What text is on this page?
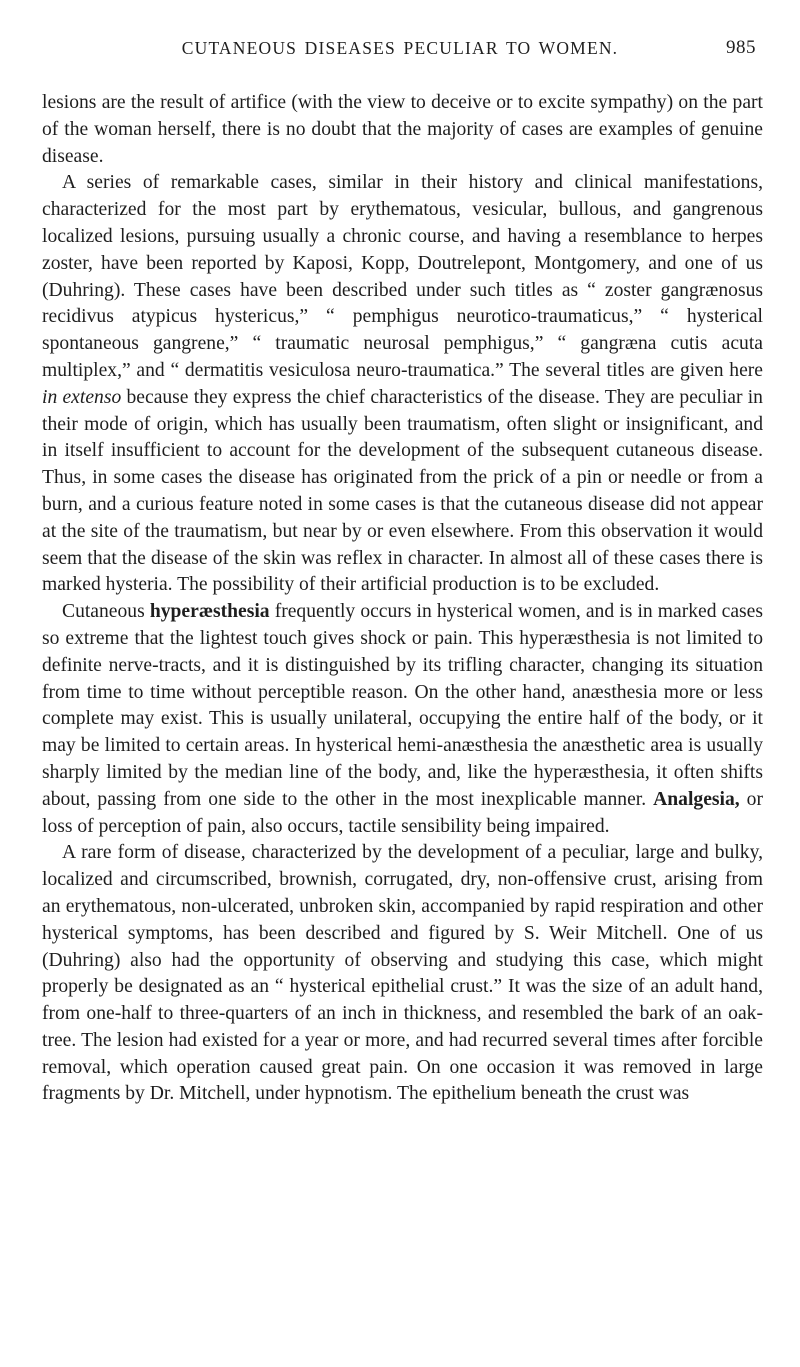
CUTANEOUS DISEASES PECULIAR TO WOMEN.	985

lesions are the result of artifice (with the view to deceive or to excite sympathy) on the part of the woman herself, there is no doubt that the majority of cases are examples of genuine disease.

A series of remarkable cases, similar in their history and clinical manifestations, characterized for the most part by erythematous, vesicular, bullous, and gangrenous localized lesions, pursuing usually a chronic course, and having a resemblance to herpes zoster, have been reported by Kaposi, Kopp, Doutrelepont, Montgomery, and one of us (Duhring). These cases have been described under such titles as “ zoster gangrænosus recidivus atypicus hystericus,” “ pemphigus neurotico-traumaticus,” “ hysterical spontaneous gangrene,” “ traumatic neurosal pemphigus,” “ gangræna cutis acuta multiplex,” and “ dermatitis vesiculosa neuro-traumatica.” The several titles are given here in extenso because they express the chief characteristics of the disease. They are peculiar in their mode of origin, which has usually been traumatism, often slight or insignificant, and in itself insufficient to account for the development of the subsequent cutaneous disease. Thus, in some cases the disease has originated from the prick of a pin or needle or from a burn, and a curious feature noted in some cases is that the cutaneous disease did not appear at the site of the traumatism, but near by or even elsewhere. From this observation it would seem that the disease of the skin was reflex in character. In almost all of these cases there is marked hysteria. The possibility of their artificial production is to be excluded.

Cutaneous hyperæsthesia frequently occurs in hysterical women, and is in marked cases so extreme that the lightest touch gives shock or pain. This hyperæsthesia is not limited to definite nerve-tracts, and it is distinguished by its trifling character, changing its situation from time to time without perceptible reason. On the other hand, anæsthesia more or less complete may exist. This is usually unilateral, occupying the entire half of the body, or it may be limited to certain areas. In hysterical hemi-anæsthesia the anæsthetic area is usually sharply limited by the median line of the body, and, like the hyperæsthesia, it often shifts about, passing from one side to the other in the most inexplicable manner. Analgesia, or loss of perception of pain, also occurs, tactile sensibility being impaired.

A rare form of disease, characterized by the development of a peculiar, large and bulky, localized and circumscribed, brownish, corrugated, dry, non-offensive crust, arising from an erythematous, non-ulcerated, unbroken skin, accompanied by rapid respiration and other hysterical symptoms, has been described and figured by S. Weir Mitchell. One of us (Duhring) also had the opportunity of observing and studying this case, which might properly be designated as an “ hysterical epithelial crust.” It was the size of an adult hand, from one-half to three-quarters of an inch in thickness, and resembled the bark of an oak-tree. The lesion had existed for a year or more, and had recurred several times after forcible removal, which operation caused great pain. On one occasion it was removed in large fragments by Dr. Mitchell, under hypnotism. The epithelium beneath the crust was
